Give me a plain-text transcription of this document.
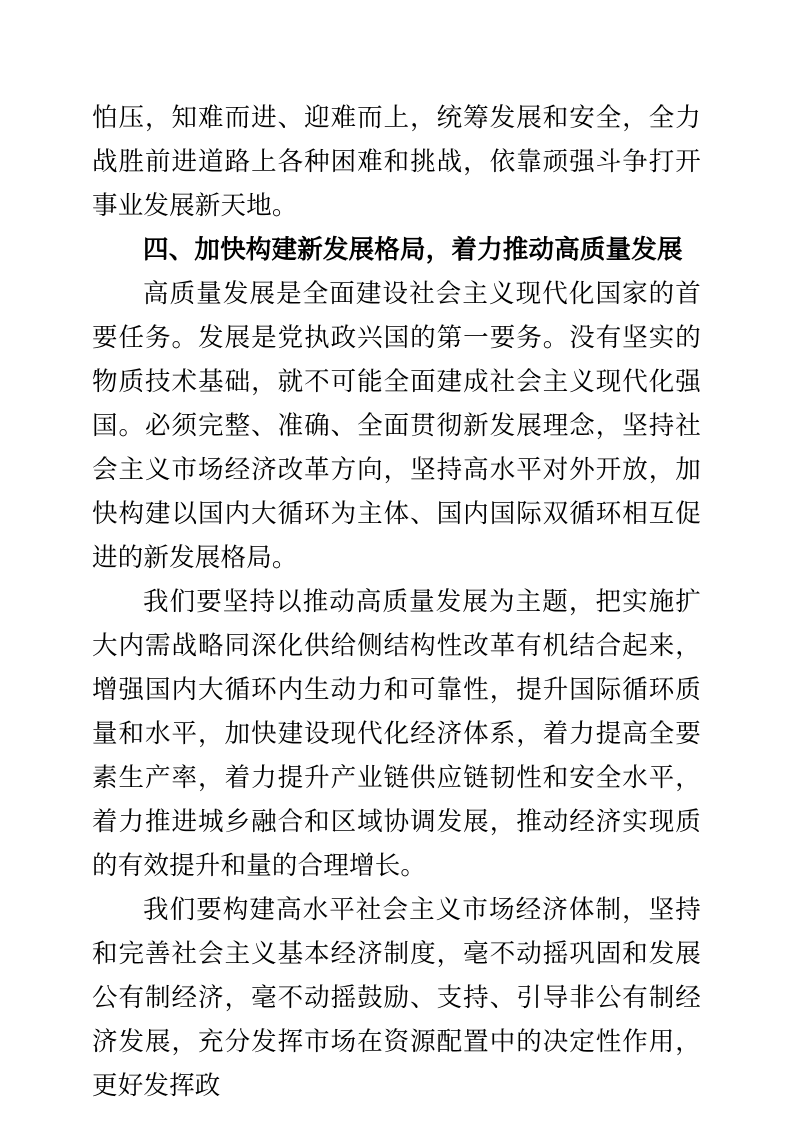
怕压，知难而进、迎难而上，统筹发展和安全，全力战胜前进道路上各种困难和挑战，依靠顽强斗争打开事业发展新天地。

四、加快构建新发展格局，着力推动高质量发展

高质量发展是全面建设社会主义现代化国家的首要任务。发展是党执政兴国的第一要务。没有坚实的物质技术基础，就不可能全面建成社会主义现代化强国。必须完整、准确、全面贯彻新发展理念，坚持社会主义市场经济改革方向，坚持高水平对外开放，加快构建以国内大循环为主体、国内国际双循环相互促进的新发展格局。

我们要坚持以推动高质量发展为主题，把实施扩大内需战略同深化供给侧结构性改革有机结合起来，增强国内大循环内生动力和可靠性，提升国际循环质量和水平，加快建设现代化经济体系，着力提高全要素生产率，着力提升产业链供应链韧性和安全水平，着力推进城乡融合和区域协调发展，推动经济实现质的有效提升和量的合理增长。

我们要构建高水平社会主义市场经济体制，坚持和完善社会主义基本经济制度，毫不动摇巩固和发展公有制经济，毫不动摇鼓励、支持、引导非公有制经济发展，充分发挥市场在资源配置中的决定性作用，更好发挥政
